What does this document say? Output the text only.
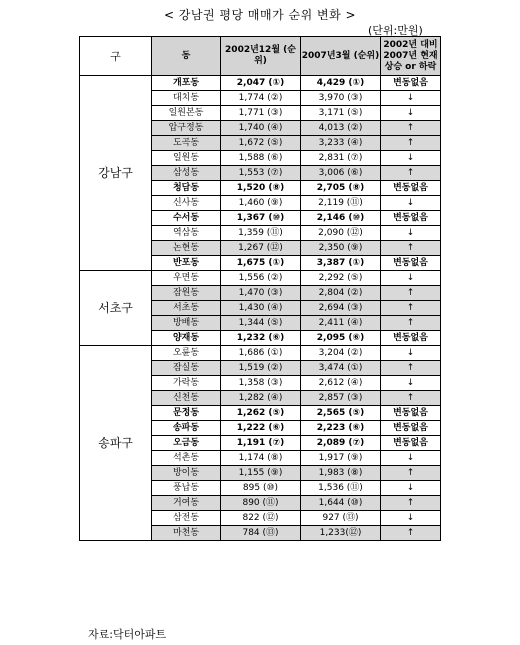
< 강남권 평당 매매가 순위 변화 >
(단위:만원)
구	동	2002년12월 (순위)	2007년3월 (순위)	2002년 대비 2007년 현재 상승 or 하락
강남구	개포동	2,047 (①)	4,429 (①)	변동없음
	대치동	1,774 (②)	3,970 (③)	↓
	일원본동	1,771 (③)	3,171 (⑤)	↓
	압구정동	1,740 (④)	4,013 (②)	↑
	도곡동	1,672 (⑤)	3,233 (④)	↑
	일원동	1,588 (⑥)	2,831 (⑦)	↓
	삼성동	1,553 (⑦)	3,006 (⑥)	↑
	청담동	1,520 (⑧)	2,705 (⑧)	변동없음
	신사동	1,460 (⑨)	2,119 (⑪)	↓
	수서동	1,367 (⑩)	2,146 (⑩)	변동없음
	역삼동	1,359 (⑪)	2,090 (⑫)	↓
	논현동	1,267 (⑫)	2,350 (⑨)	↑
	반포동	1,675 (①)	3,387 (①)	변동없음
서초구	우면동	1,556 (②)	2,292 (⑤)	↓
	잠원동	1,470 (③)	2,804 (②)	↑
	서초동	1,430 (④)	2,694 (③)	↑
	방배동	1,344 (⑤)	2,411 (④)	↑
	양재동	1,232 (⑥)	2,095 (⑥)	변동없음
송파구	오륜동	1,686 (①)	3,204 (②)	↓
	잠실동	1,519 (②)	3,474 (①)	↑
	가락동	1,358 (③)	2,612 (④)	↓
	신천동	1,282 (④)	2,857 (③)	↑
	문정동	1,262 (⑤)	2,565 (⑤)	변동없음
	송파동	1,222 (⑥)	2,223 (⑥)	변동없음
	오금동	1,191 (⑦)	2,089 (⑦)	변동없음
	석촌동	1,174 (⑧)	1,917 (⑨)	↓
	방이동	1,155 (⑨)	1,983 (⑧)	↑
	풍납동	895 (⑩)	1,536 (⑪)	↓
	거여동	890 (⑪)	1,644 (⑩)	↑
	삼전동	822 (⑫)	927 (⑬)	↓
	마천동	784 (⑬)	1,233(⑫)	↑
자료:닥터아파트
